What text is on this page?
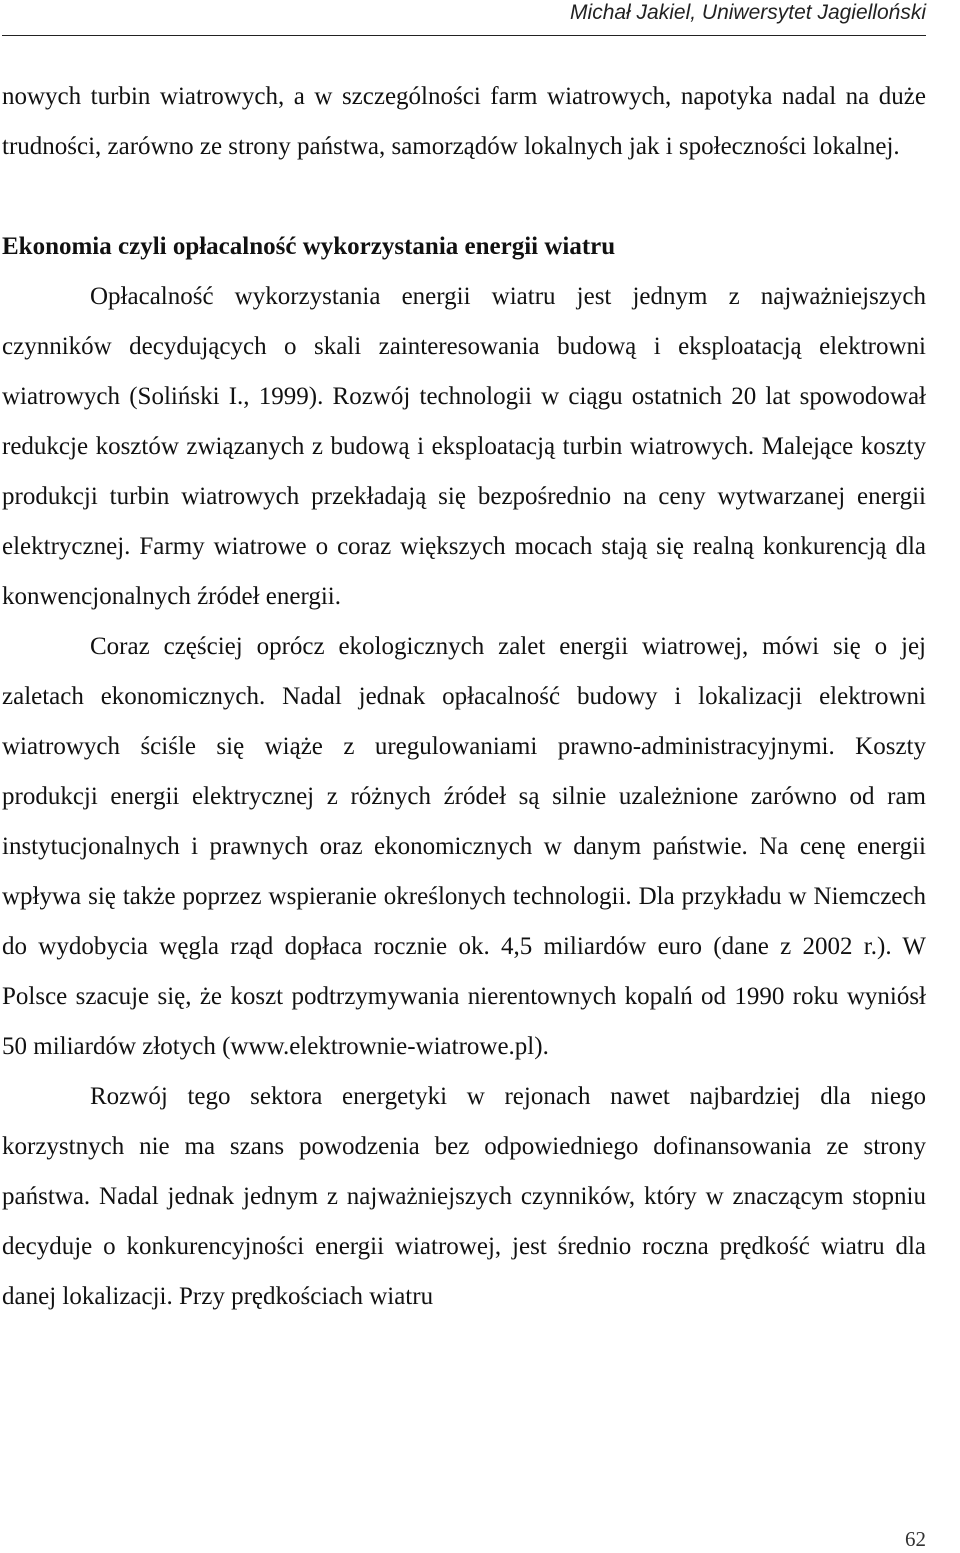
Michał Jakiel, Uniwersytet Jagielloński

nowych turbin wiatrowych, a w szczególności farm wiatrowych, napotyka nadal na duże trudności, zarówno ze strony państwa, samorządów lokalnych jak i społeczności lokalnej.

Ekonomia czyli opłacalność wykorzystania energii wiatru

Opłacalność wykorzystania energii wiatru jest jednym z najważniejszych czynników decydujących o skali zainteresowania budową i eksploatacją elektrowni wiatrowych (Soliński I., 1999). Rozwój technologii w ciągu ostatnich 20 lat spowodował redukcje kosztów związanych z budową i eksploatacją turbin wiatrowych. Malejące koszty produkcji turbin wiatrowych przekładają się bezpośrednio na ceny wytwarzanej energii elektrycznej. Farmy wiatrowe o coraz większych mocach stają się realną konkurencją dla konwencjonalnych źródeł energii.

Coraz częściej oprócz ekologicznych zalet energii wiatrowej, mówi się o jej zaletach ekonomicznych. Nadal jednak opłacalność budowy i lokalizacji elektrowni wiatrowych ściśle się wiąże z uregulowaniami prawno-administracyjnymi. Koszty produkcji energii elektrycznej z różnych źródeł są silnie uzależnione zarówno od ram instytucjonalnych i prawnych oraz ekonomicznych w danym państwie. Na cenę energii wpływa się także poprzez wspieranie określonych technologii. Dla przykładu w Niemczech do wydobycia węgla rząd dopłaca rocznie ok. 4,5 miliardów euro (dane z 2002 r.). W Polsce szacuje się, że koszt podtrzymywania nierentownych kopalń od 1990 roku wyniósł 50 miliardów złotych (www.elektrownie-wiatrowe.pl).

Rozwój tego sektora energetyki w rejonach nawet najbardziej dla niego korzystnych nie ma szans powodzenia bez odpowiedniego dofinansowania ze strony państwa. Nadal jednak jednym z najważniejszych czynników, który w znaczącym stopniu decyduje o konkurencyjności energii wiatrowej, jest średnio roczna prędkość wiatru dla danej lokalizacji. Przy prędkościach wiatru

62
